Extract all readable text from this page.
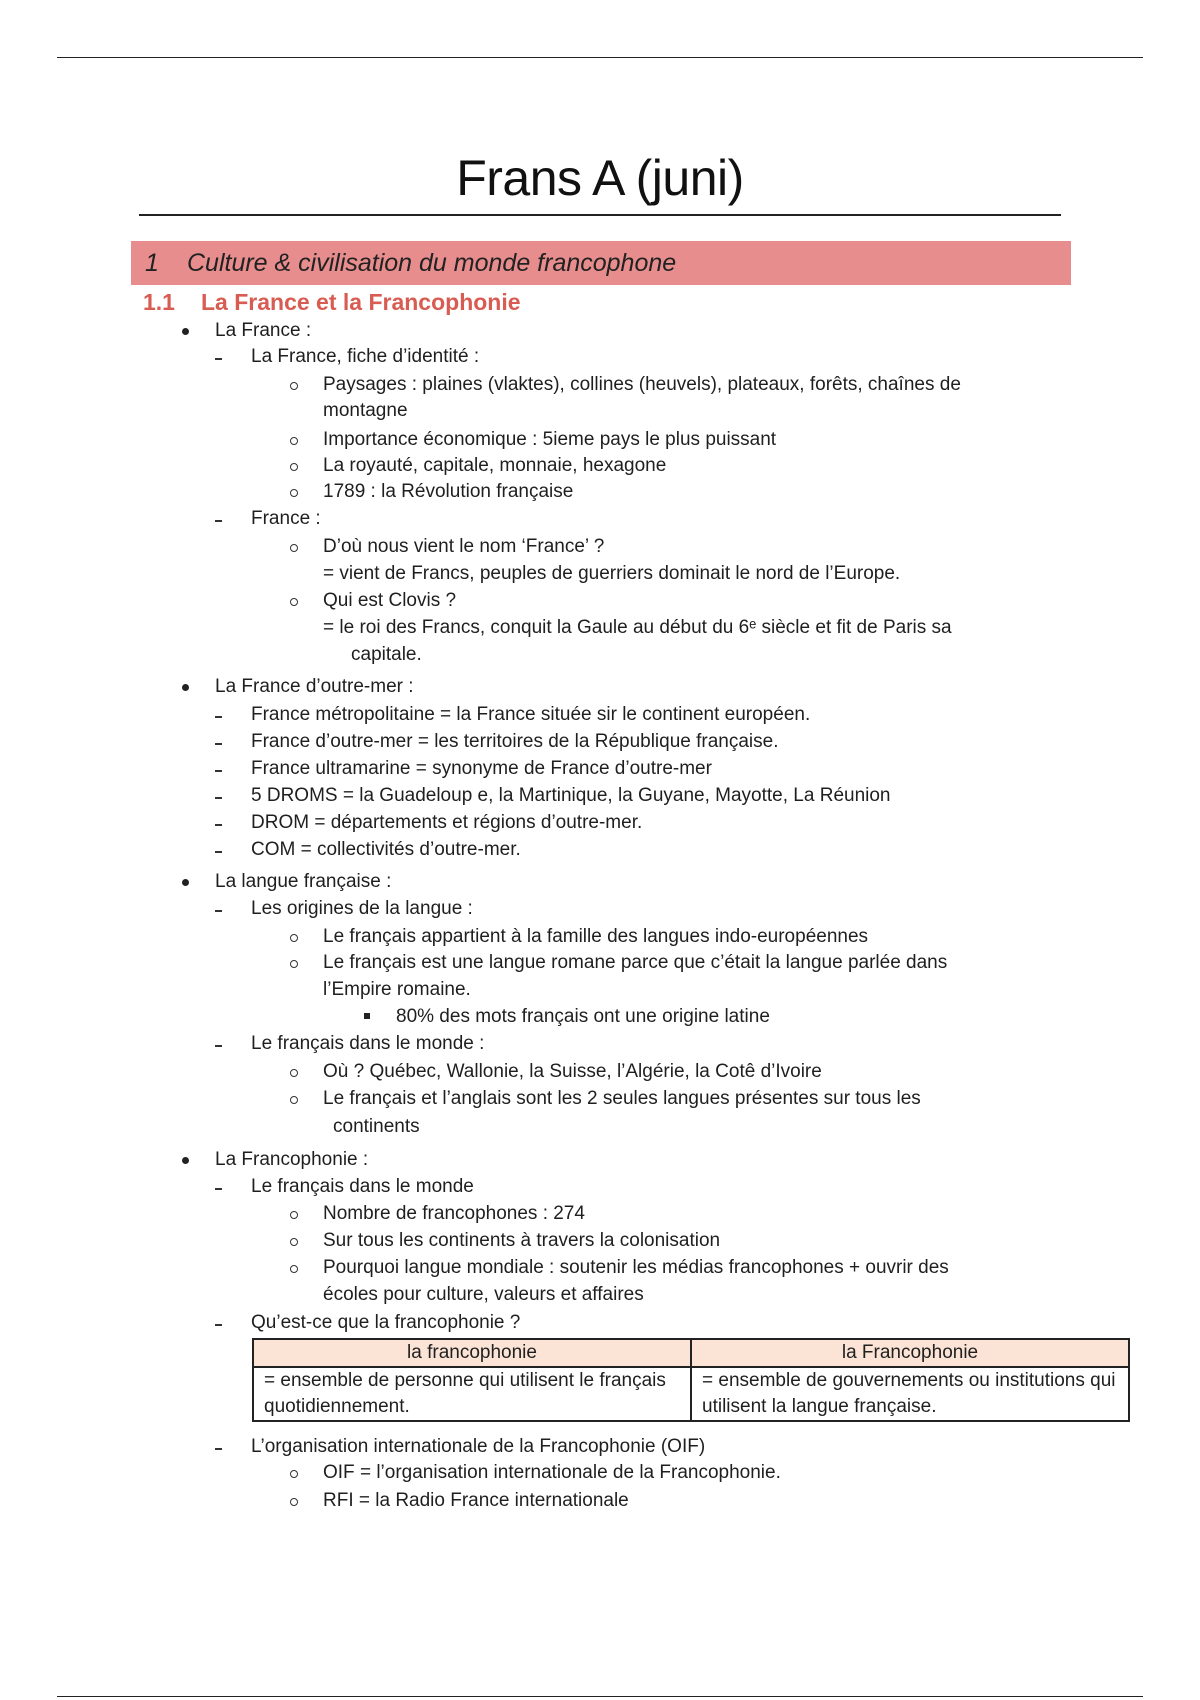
Frans A (juni)
1 Culture & civilisation du monde francophone
1.1 La France et la Francophonie
La France :
La France, fiche d’identité :
Paysages : plaines (vlaktes), collines (heuvels), plateaux, forêts, chaînes de
montagne
Importance économique : 5ieme pays le plus puissant
La royauté, capitale, monnaie, hexagone
1789 : la Révolution française
France :
D’où nous vient le nom ‘France’ ?
= vient de Francs, peuples de guerriers dominait le nord de l’Europe.
Qui est Clovis ?
= le roi des Francs, conquit la Gaule au début du 6ᵉ siècle et fit de Paris sa
capitale.
La France d’outre-mer :
France métropolitaine = la France située sir le continent européen.
France d’outre-mer = les territoires de la République française.
France ultramarine = synonyme de France d’outre-mer
5 DROMS = la Guadeloup e, la Martinique, la Guyane, Mayotte, La Réunion
DROM = départements et régions d’outre-mer.
COM = collectivités d’outre-mer.
La langue française :
Les origines de la langue :
Le français appartient à la famille des langues indo-européennes
Le français est une langue romane parce que c’était la langue parlée dans
l’Empire romaine.
80% des mots français ont une origine latine
Le français dans le monde :
Où ? Québec, Wallonie, la Suisse, l’Algérie, la Cotê d’Ivoire
Le français et l’anglais sont les 2 seules langues présentes sur tous les
continents
La Francophonie :
Le français dans le monde
Nombre de francophones : 274
Sur tous les continents à travers la colonisation
Pourquoi langue mondiale : soutenir les médias francophones + ouvrir des
écoles pour culture, valeurs et affaires
Qu’est-ce que la francophonie ?
la francophonie	la Francophonie
= ensemble de personne qui utilisent le français quotidiennement.	= ensemble de gouvernements ou institutions qui utilisent la langue française.
L’organisation internationale de la Francophonie (OIF)
OIF = l’organisation internationale de la Francophonie.
RFI = la Radio France internationale
